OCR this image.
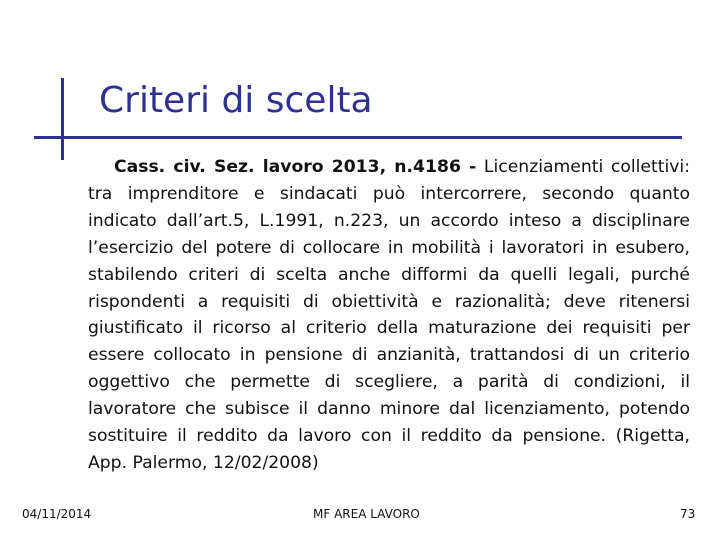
Criteri di scelta
Cass. civ. Sez. lavoro 2013, n.4186 - Licenziamenti collettivi: tra imprenditore e sindacati può intercorrere, secondo quanto indicato dall’art.5, L.1991, n.223, un accordo inteso a disciplinare l’esercizio del potere di collocare in mobilità i lavoratori in esubero, stabilendo criteri di scelta anche difformi da quelli legali, purché rispondenti a requisiti di obiettività e razionalità; deve ritenersi giustificato il ricorso al criterio della maturazione dei requisiti per essere collocato in pensione di anzianità, trattandosi di un criterio oggettivo che permette di scegliere, a parità di condizioni, il lavoratore che subisce il danno minore dal licenziamento, potendo sostituire il reddito da lavoro con il reddito da pensione. (Rigetta, App. Palermo, 12/02/2008)
04/11/2014	MF AREA LAVORO	73
